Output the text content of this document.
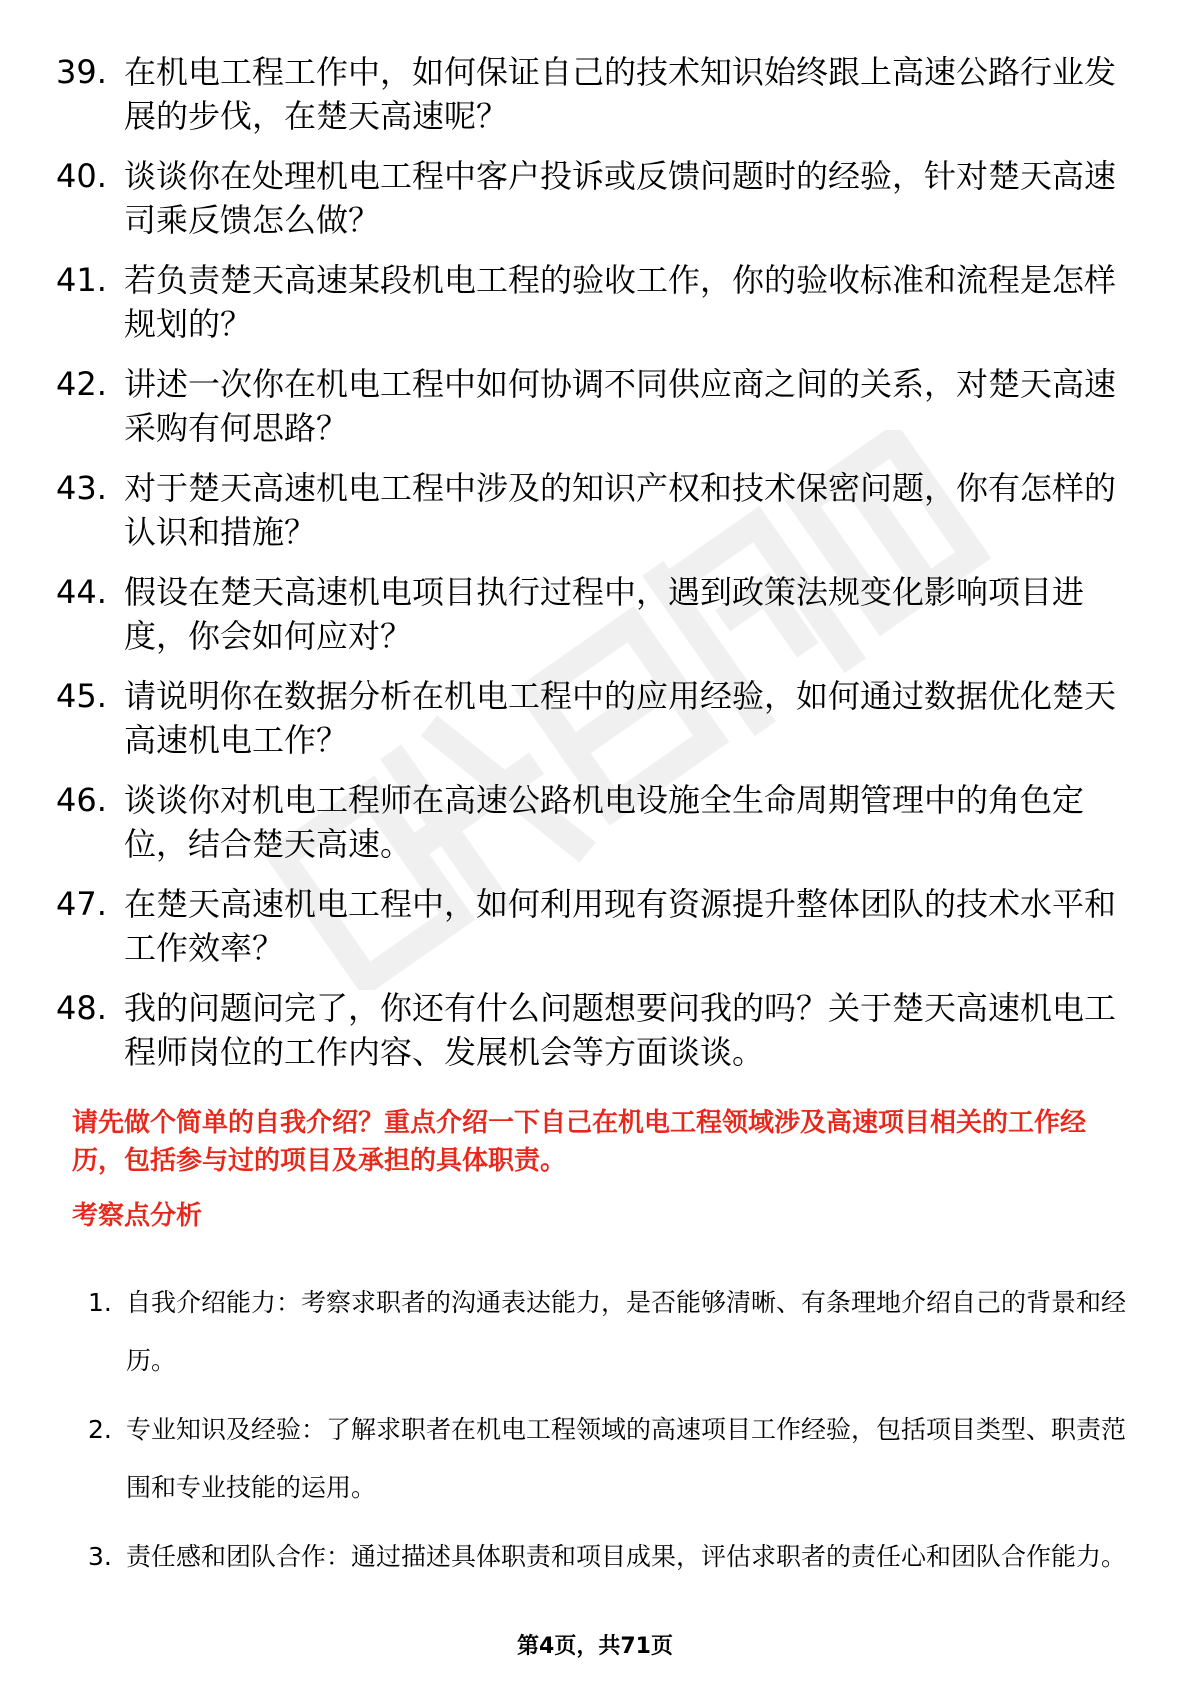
39. 在机电工程工作中，如何保证自己的技术知识始终跟上高速公路行业发展的步伐，在楚天高速呢？
40. 谈谈你在处理机电工程中客户投诉或反馈问题时的经验，针对楚天高速司乘反馈怎么做？
41. 若负责楚天高速某段机电工程的验收工作，你的验收标准和流程是怎样规划的？
42. 讲述一次你在机电工程中如何协调不同供应商之间的关系，对楚天高速采购有何思路？
43. 对于楚天高速机电工程中涉及的知识产权和技术保密问题，你有怎样的认识和措施？
44. 假设在楚天高速机电项目执行过程中，遇到政策法规变化影响项目进度，你会如何应对？
45. 请说明你在数据分析在机电工程中的应用经验，如何通过数据优化楚天高速机电工作？
46. 谈谈你对机电工程师在高速公路机电设施全生命周期管理中的角色定位，结合楚天高速。
47. 在楚天高速机电工程中，如何利用现有资源提升整体团队的技术水平和工作效率？
48. 我的问题问完了，你还有什么问题想要问我的吗？关于楚天高速机电工程师岗位的工作内容、发展机会等方面谈谈。

请先做个简单的自我介绍？重点介绍一下自己在机电工程领域涉及高速项目相关的工作经历，包括参与过的项目及承担的具体职责。

考察点分析

1. 自我介绍能力：考察求职者的沟通表达能力，是否能够清晰、有条理地介绍自己的背景和经历。
2. 专业知识及经验：了解求职者在机电工程领域的高速项目工作经验，包括项目类型、职责范围和专业技能的运用。
3. 责任感和团队合作：通过描述具体职责和项目成果，评估求职者的责任心和团队合作能力。
第4页，共71页
